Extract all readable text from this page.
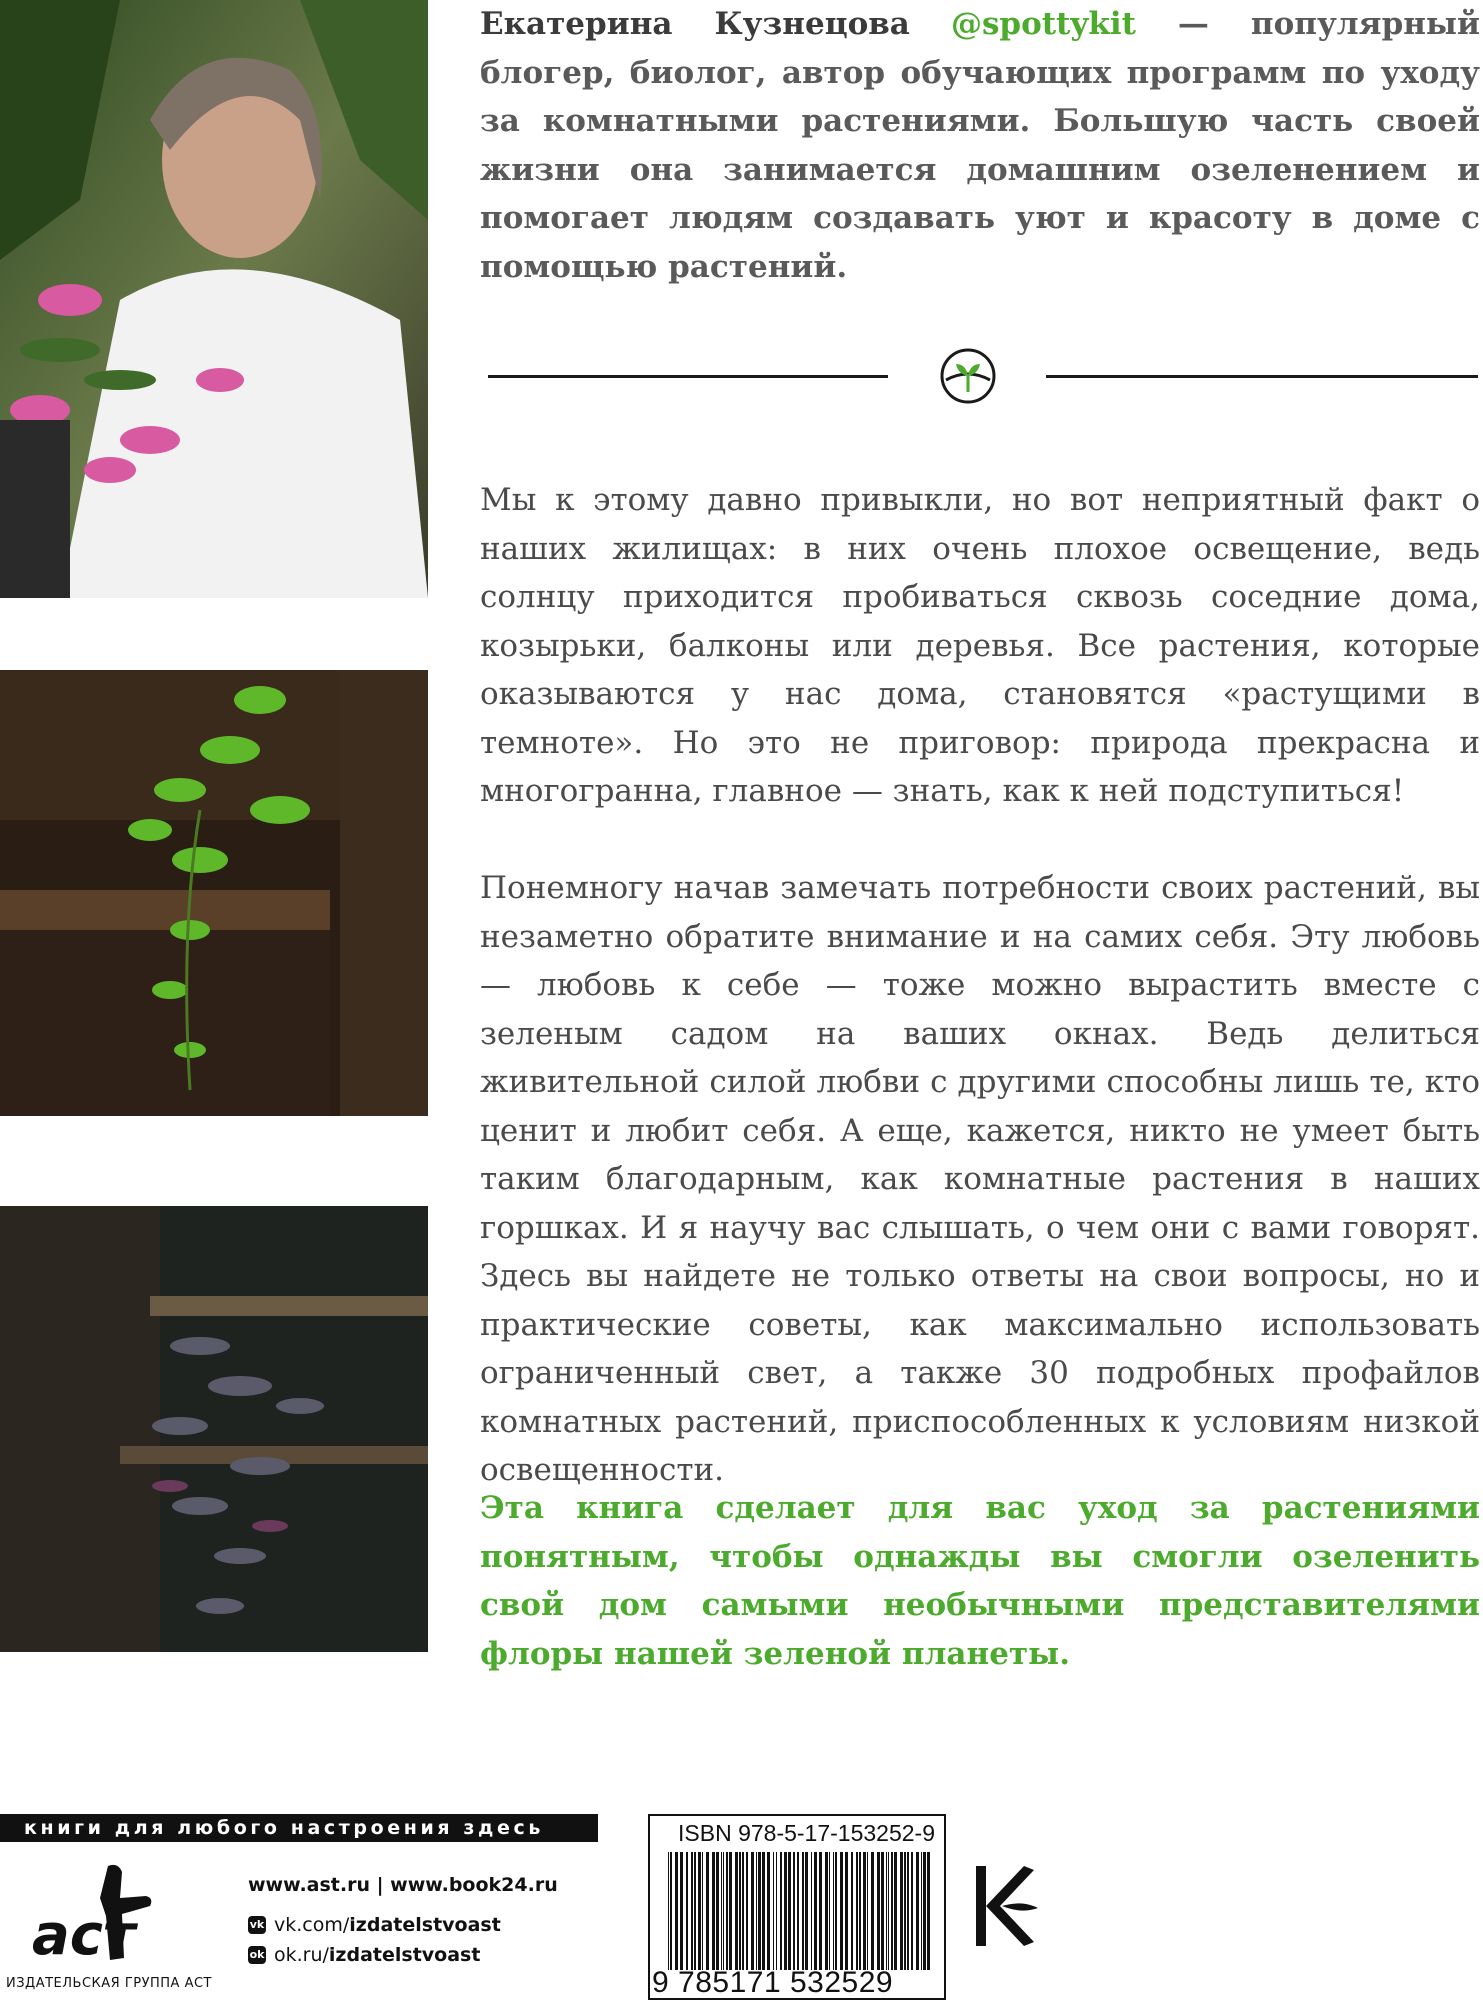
Екатерина Кузнецова @spottykit — популярный блогер, биолог, автор обучающих программ по уходу за комнатными растениями. Большую часть своей жизни она занимается домашним озеленением и помогает людям создавать уют и красоту в доме с помощью растений.

Мы к этому давно привыкли, но вот неприятный факт о наших жилищах: в них очень плохое освещение, ведь солнцу приходится пробиваться сквозь соседние дома, козырьки, балконы или деревья. Все растения, которые оказываются у нас дома, становятся «растущими в темноте». Но это не приговор: природа прекрасна и многогранна, главное — знать, как к ней подступиться!

Понемногу начав замечать потребности своих растений, вы незаметно обратите внимание и на самих себя. Эту любовь — любовь к себе — тоже можно вырастить вместе с зеленым садом на ваших окнах. Ведь делиться живительной силой любви с другими способны лишь те, кто ценит и любит себя. А еще, кажется, никто не умеет быть таким благодарным, как комнатные растения в наших горшках. И я научу вас слышать, о чем они с вами говорят. Здесь вы найдете не только ответы на свои вопросы, но и практические советы, как максимально использовать ограниченный свет, а также 30 подробных профайлов комнатных растений, приспособленных к условиям низкой освещенности.

Эта книга сделает для вас уход за растениями понятным, чтобы однажды вы смогли озеленить свой дом самыми необычными представителями флоры нашей зеленой планеты.

книги для любого настроения здесь
аст
ИЗДАТЕЛЬСКАЯ ГРУППА АСТ
www.ast.ru | www.book24.ru
vk vk.com/ izdatelstvoast
ok ok.ru/ izdatelstvoast
ISBN 978-5-17-153252-9
9 785171 532529
